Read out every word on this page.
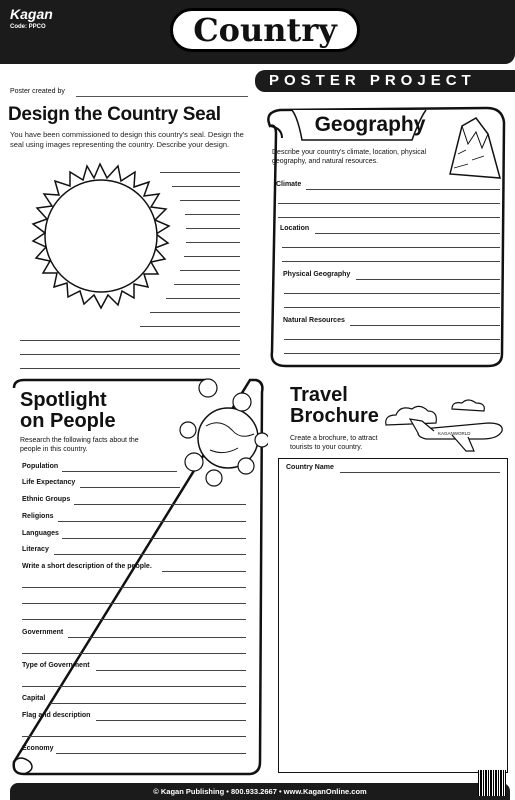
Kagan
Code: PPCO	Country
POSTER PROJECT
Poster created by
Design the Country Seal
You have been commissioned to design this country's seal. Design the seal using images representing the country. Describe your design.
Geography
Describe your country's climate, location, physical geography, and natural resources.
Climate
Location
Physical Geography
Natural Resources
Spotlight
on People
Research the following facts about the people in this country.
Population
Life Expectancy
Ethnic Groups
Religions
Languages
Literacy
Write a short description of the people.
Government
Type of Government
Capital
Flag and description
Economy
Travel
Brochure
Create a brochure, to attract tourists to your country.
KAGANWORLD
Country Name
© Kagan Publishing • 800.933.2667 • www.KaganOnline.com
